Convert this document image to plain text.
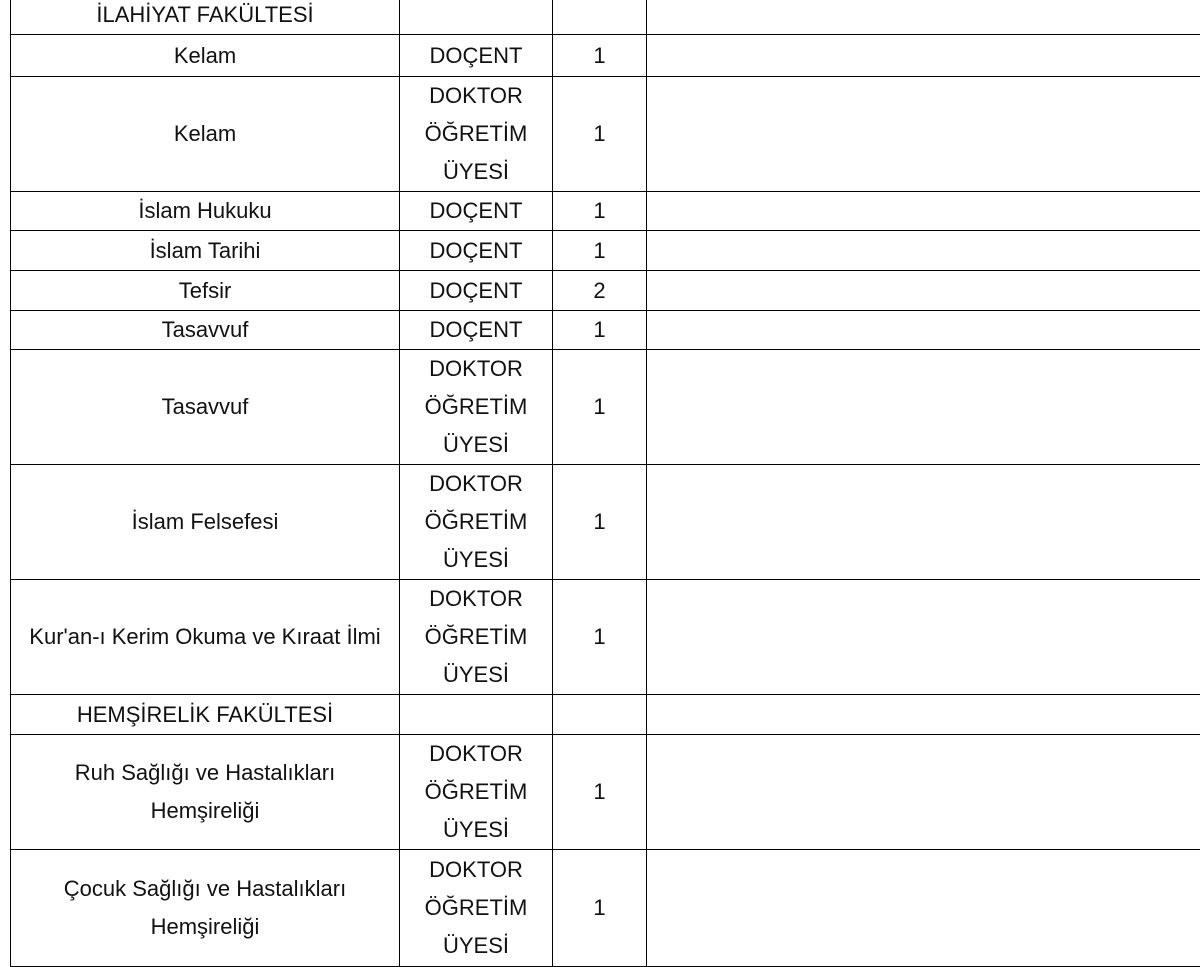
İLAHİYAT FAKÜLTESİ			
Kelam	DOÇENT	1	
Kelam	DOKTOR
ÖĞRETİM
ÜYESİ	1	
İslam Hukuku	DOÇENT	1	
İslam Tarihi	DOÇENT	1	
Tefsir	DOÇENT	2	
Tasavvuf	DOÇENT	1	
Tasavvuf	DOKTOR
ÖĞRETİM
ÜYESİ	1	
İslam Felsefesi	DOKTOR
ÖĞRETİM
ÜYESİ	1	
Kur'an-ı Kerim Okuma ve Kıraat İlmi	DOKTOR
ÖĞRETİM
ÜYESİ	1	
HEMŞİRELİK FAKÜLTESİ			

Ruh Sağlığı ve Hastalıkları
Hemşireliği	DOKTOR
ÖĞRETİM
ÜYESİ	1	

Çocuk Sağlığı ve Hastalıkları
Hemşireliği	DOKTOR
ÖĞRETİM
ÜYESİ	1	
